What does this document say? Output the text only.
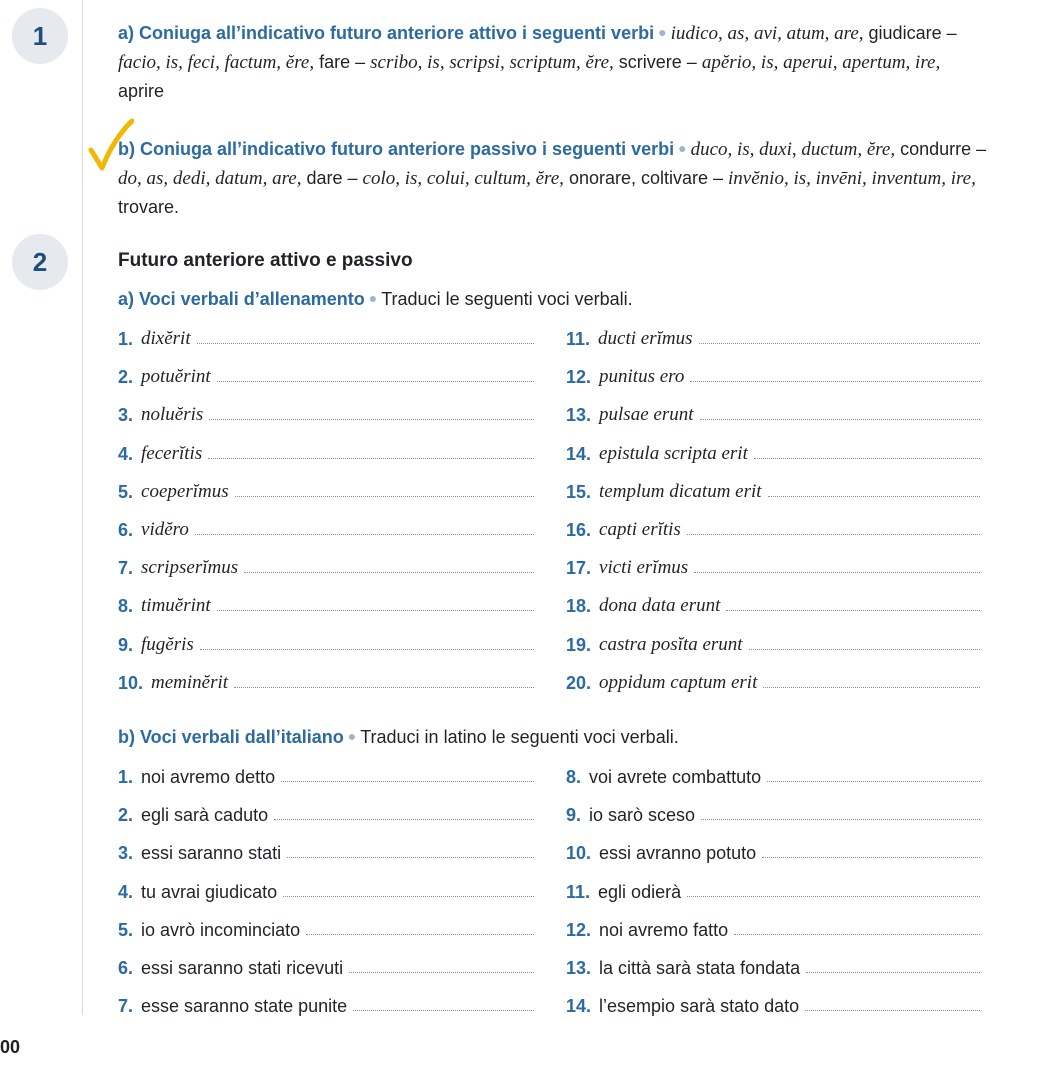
1	a) Coniuga all’indicativo futuro anteriore attivo i seguenti verbi ● iudico, as, avi, atum, are, giudicare – facio, is, feci, factum, ĕre, fare – scribo, is, scripsi, scriptum, ĕre, scrivere – apĕrio, is, aperui, apertum, ire, aprire
b) Coniuga all’indicativo futuro anteriore passivo i seguenti verbi ● duco, is, duxi, ductum, ĕre, condurre – do, as, dedi, datum, are, dare – colo, is, colui, cultum, ĕre, onorare, coltivare – invĕnio, is, invēni, inventum, ire, trovare.
2	Futuro anteriore attivo e passivo
a) Voci verbali d’allenamento ● Traduci le seguenti voci verbali.
1. dixĕrit
2. potuĕrint
3. noluĕris
4. fecerĭtis
5. coeperĭmus
6. vidĕro
7. scripserĭmus
8. timuĕrint
9. fugĕris
10. meminĕrit
11. ducti erĭmus
12. punitus ero
13. pulsae erunt
14. epistula scripta erit
15. templum dicatum erit
16. capti erĭtis
17. victi erĭmus
18. dona data erunt
19. castra posĭta erunt
20. oppidum captum erit
b) Voci verbali dall’italiano ● Traduci in latino le seguenti voci verbali.
1. noi avremo detto
2. egli sarà caduto
3. essi saranno stati
4. tu avrai giudicato
5. io avrò incominciato
6. essi saranno stati ricevuti
7. esse saranno state punite
8. voi avrete combattuto
9. io sarò sceso
10. essi avranno potuto
11. egli odierà
12. noi avremo fatto
13. la città sarà stata fondata
14. l’esempio sarà stato dato
00
